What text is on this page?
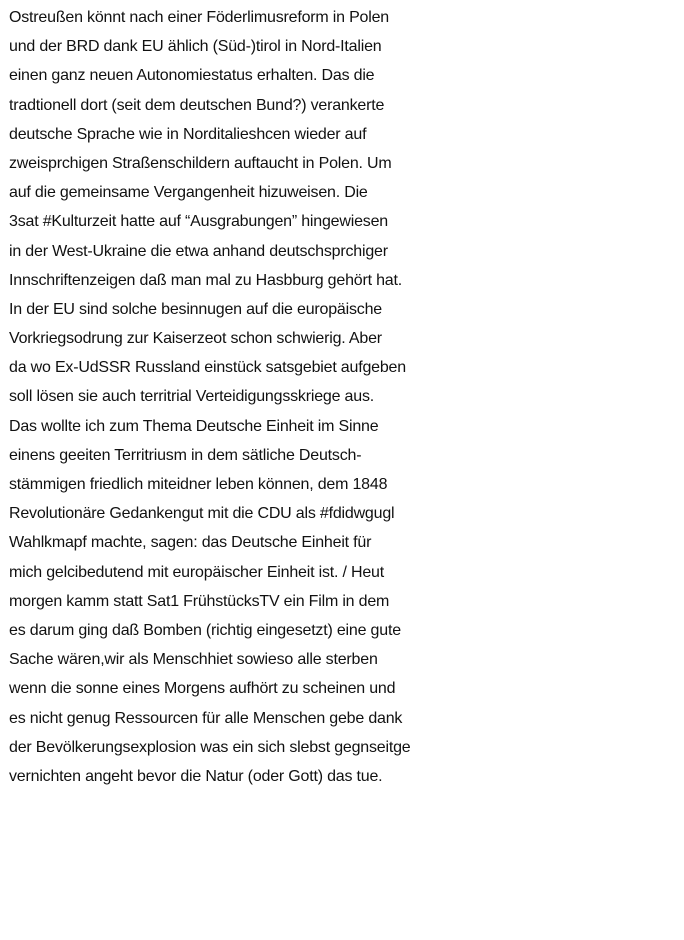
Ostreußen könnt nach einer Föderlimusreform in Polen
und der BRD dank EU ählich (Süd-)tirol in Nord-Italien
einen ganz neuen Autonomiestatus erhalten. Das die
tradtionell dort (seit dem deutschen Bund?) verankerte
deutsche Sprache wie in Norditalieshcen wieder auf
zweisprchigen Straßenschildern auftaucht in Polen. Um
auf die gemeinsame Vergangenheit hizuweisen. Die
3sat #Kulturzeit hatte auf “Ausgrabungen” hingewiesen
in der West-Ukraine die etwa anhand deutschsprchiger
Innschriftenzeigen daß man mal zu Hasbburg gehört hat.
In der EU sind solche besinnugen auf die europäische
Vorkriegsodrung zur Kaiserzeot schon schwierig. Aber
da wo Ex-UdSSR Russland einstück satsgebiet aufgeben
soll lösen sie auch territrial Verteidigungsskriege aus.
Das wollte ich zum Thema Deutsche Einheit im Sinne
einens geeiten Territriusm in dem sätliche Deutsch-
stämmigen friedlich miteidner leben können, dem 1848
Revolutionäre Gedankengut mit die CDU als #fdidwgugl
Wahlkmapf machte, sagen: das Deutsche Einheit für
mich gelcibedutend mit europäischer Einheit ist. / Heut
morgen kamm statt Sat1 FrühstücksTV ein Film in dem
es darum ging daß Bomben (richtig eingesetzt) eine gute
Sache wären,wir als Menschhiet sowieso alle sterben
wenn die sonne eines Morgens aufhört zu scheinen und
es nicht genug Ressourcen für alle Menschen gebe dank
der Bevölkerungsexplosion was ein sich slebst gegnseitge
vernichten angeht bevor die Natur (oder Gott) das tue.
